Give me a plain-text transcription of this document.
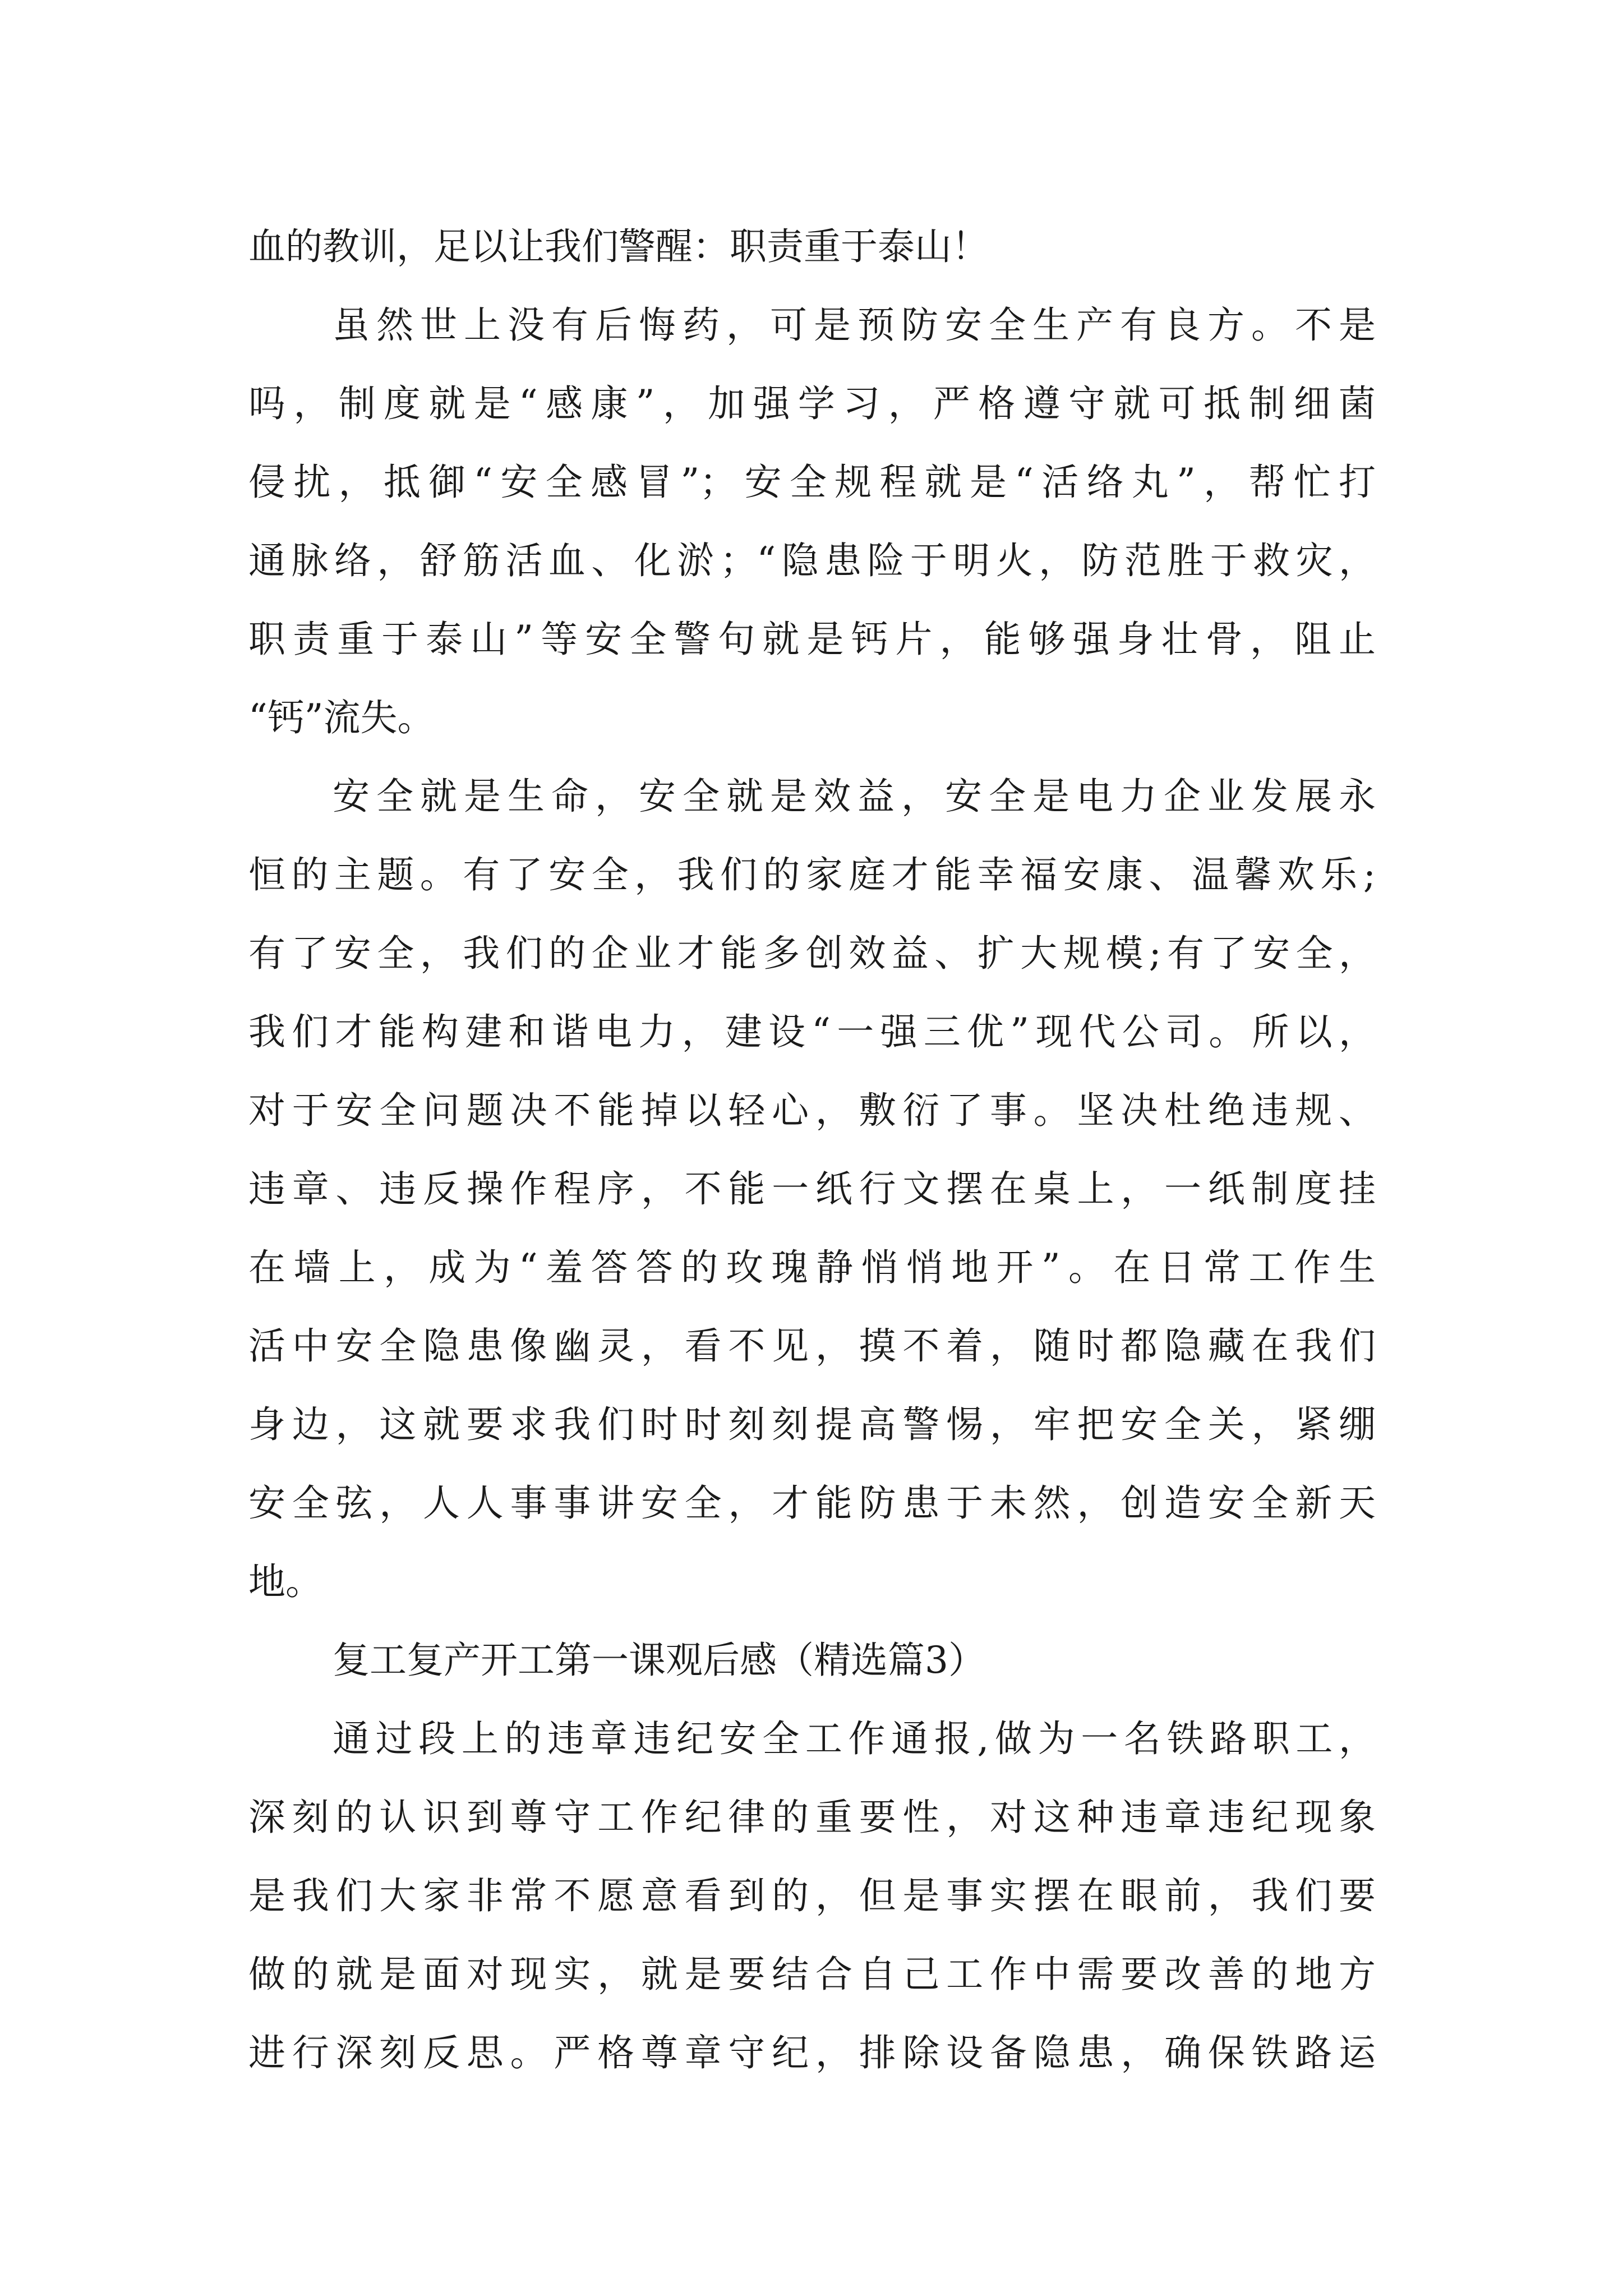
血的教训，足以让我们警醒：职责重于泰山！
虽然世上没有后悔药，可是预防安全生产有良方。不是
吗，制度就是“感康”，加强学习，严格遵守就可抵制细菌
侵扰，抵御“安全感冒”；安全规程就是“活络丸”，帮忙打
通脉络，舒筋活血、化淤；“隐患险于明火，防范胜于救灾，
职责重于泰山”等安全警句就是钙片，能够强身壮骨，阻止
“钙”流失。
安全就是生命，安全就是效益，安全是电力企业发展永
恒的主题。有了安全，我们的家庭才能幸福安康、温馨欢乐;
有了安全，我们的企业才能多创效益、扩大规模;有了安全，
我们才能构建和谐电力，建设“一强三优”现代公司。所以，
对于安全问题决不能掉以轻心，敷衍了事。坚决杜绝违规、
违章、违反操作程序，不能一纸行文摆在桌上，一纸制度挂
在墙上，成为“羞答答的玫瑰静悄悄地开”。在日常工作生
活中安全隐患像幽灵，看不见，摸不着，随时都隐藏在我们
身边，这就要求我们时时刻刻提高警惕，牢把安全关，紧绷
安全弦，人人事事讲安全，才能防患于未然，创造安全新天
地。
复工复产开工第一课观后感（精选篇3）
通过段上的违章违纪安全工作通报,做为一名铁路职工，
深刻的认识到尊守工作纪律的重要性，对这种违章违纪现象
是我们大家非常不愿意看到的，但是事实摆在眼前，我们要
做的就是面对现实，就是要结合自己工作中需要改善的地方
进行深刻反思。严格尊章守纪，排除设备隐患，确保铁路运
